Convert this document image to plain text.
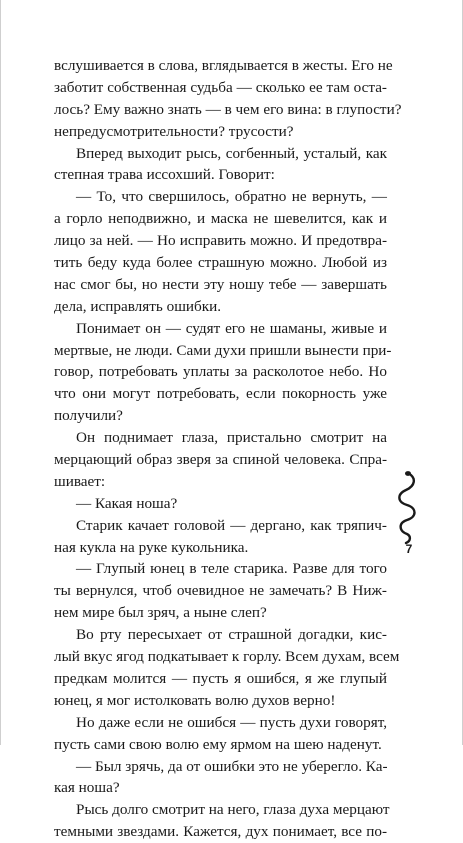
вслушивается в слова, вглядывается в жесты. Его не
заботит собственная судьба — сколько ее там оста-
лось? Ему важно знать — в чем его вина: в глупости?
непредусмотрительности? трусости?
Вперед выходит рысь, согбенный, усталый, как
степная трава иссохший. Говорит:
— То, что свершилось, обратно не вернуть, —
а горло неподвижно, и маска не шевелится, как и
лицо за ней. — Но исправить можно. И предотвра-
тить беду куда более страшную можно. Любой из
нас смог бы, но нести эту ношу тебе — завершать
дела, исправлять ошибки.
Понимает он — судят его не шаманы, живые и
мертвые, не люди. Сами духи пришли вынести при-
говор, потребовать уплаты за расколотое небо. Но
что они могут потребовать, если покорность уже
получили?
Он поднимает глаза, пристально смотрит на
мерцающий образ зверя за спиной человека. Спра-
шивает:
— Какая ноша?
Старик качает головой — дергано, как тряпич-
ная кукла на руке кукольника.
— Глупый юнец в теле старика. Разве для того
ты вернулся, чтоб очевидное не замечать? В Ниж-
нем мире был зряч, а ныне слеп?
Во рту пересыхает от страшной догадки, кис-
лый вкус ягод подкатывает к горлу. Всем духам, всем
предкам молится — пусть я ошибся, я же глупый
юнец, я мог истолковать волю духов верно!
Но даже если не ошибся — пусть духи говорят,
пусть сами свою волю ему ярмом на шею наденут.
— Был зрячь, да от ошибки это не уберегло. Ка-
кая ноша?
Рысь долго смотрит на него, глаза духа мерцают
темными звездами. Кажется, дух понимает, все по-
7
